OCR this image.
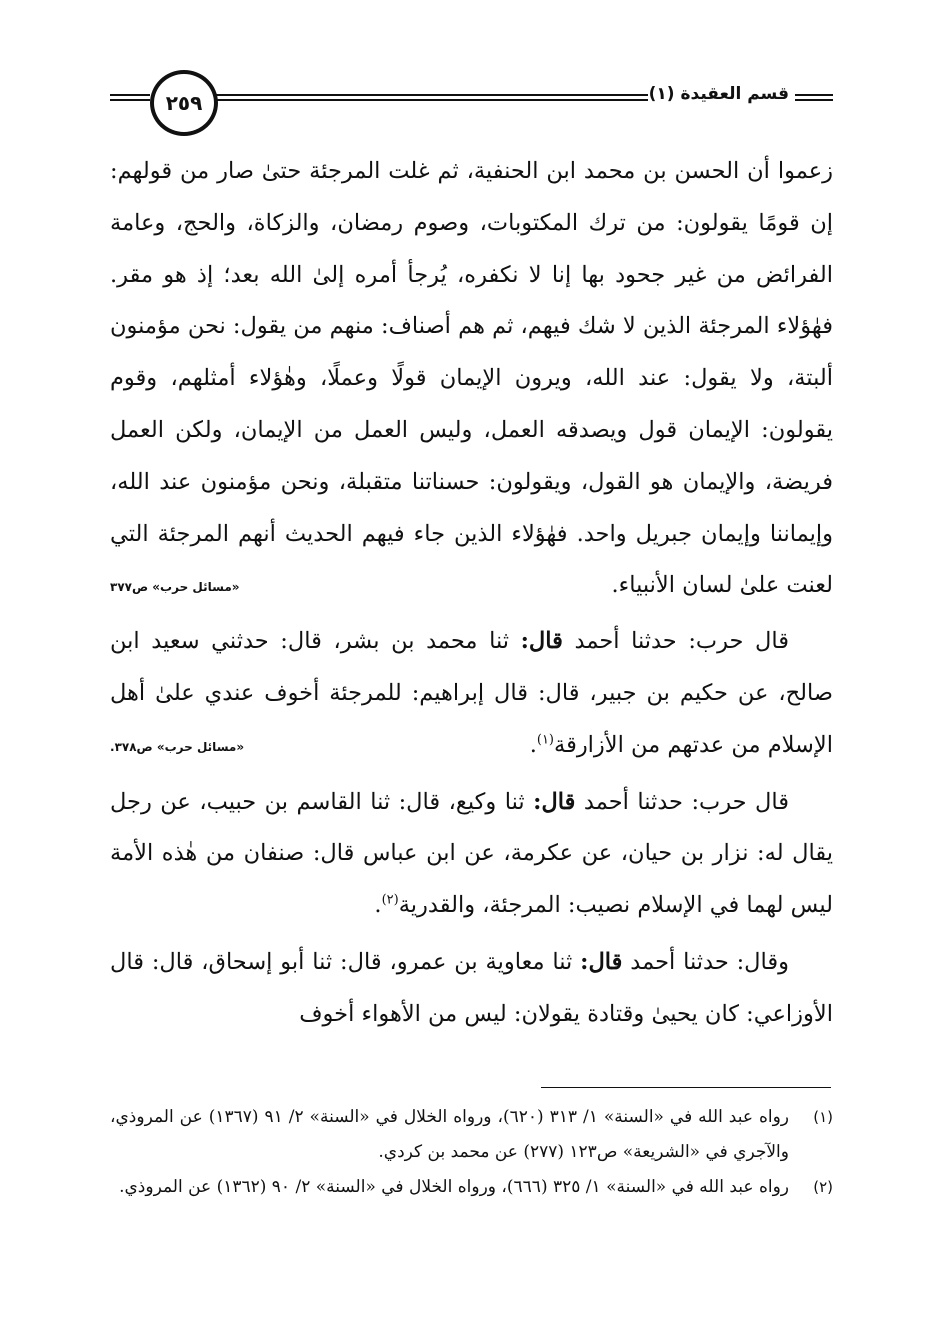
٢٥٩	قسم العقيدة (١)

زعموا أن الحسن بن محمد ابن الحنفية، ثم غلت المرجئة حتىٰ صار من قولهم: إن قومًا يقولون: من ترك المكتوبات، وصوم رمضان، والزكاة، والحج، وعامة الفرائض من غير جحود بها إنا لا نكفره، يُرجأ أمره إلىٰ الله بعد؛ إذ هو مقر. فهٰؤلاء المرجئة الذين لا شك فيهم، ثم هم أصناف: منهم من يقول: نحن مؤمنون ألبتة، ولا يقول: عند الله، ويرون الإيمان قولًا وعملًا، وهٰؤلاء أمثلهم، وقوم يقولون: الإيمان قول ويصدقه العمل، وليس العمل من الإيمان، ولكن العمل فريضة، والإيمان هو القول، ويقولون: حسناتنا متقبلة، ونحن مؤمنون عند الله، وإيماننا وإيمان جبريل واحد. فهٰؤلاء الذين جاء فيهم الحديث أنهم المرجئة التي لعنت علىٰ لسان الأنبياء.
«مسائل حرب» ص٣٧٧

قال حرب: حدثنا أحمد قال: ثنا محمد بن بشر، قال: حدثني سعيد ابن صالح، عن حكيم بن جبير، قال: قال إبراهيم: للمرجئة أخوف عندي علىٰ أهل الإسلام من عدتهم من الأزارقة$^{(١)}$.
«مسائل حرب» ص٣٧٨.

قال حرب: حدثنا أحمد قال: ثنا وكيع، قال: ثنا القاسم بن حبيب، عن رجل يقال له: نزار بن حيان، عن عكرمة، عن ابن عباس قال: صنفان من هٰذه الأمة ليس لهما في الإسلام نصيب: المرجئة، والقدرية$^{(٢)}$.

وقال: حدثنا أحمد قال: ثنا معاوية بن عمرو، قال: ثنا أبو إسحاق، قال: قال الأوزاعي: كان يحيىٰ وقتادة يقولان: ليس من الأهواء أخوف

(١)
رواه عبد الله في «السنة» ١/ ٣١٣ (٦٢٠)، ورواه الخلال في «السنة» ٢/ ٩١ (١٣٦٧) عن المروذي، والآجري في «الشريعة» ص١٢٣ (٢٧٧) عن محمد بن كردي.

(٢)
رواه عبد الله في «السنة» ١/ ٣٢٥ (٦٦٦)، ورواه الخلال في «السنة» ٢/ ٩٠ (١٣٦٢) عن المروذي.
